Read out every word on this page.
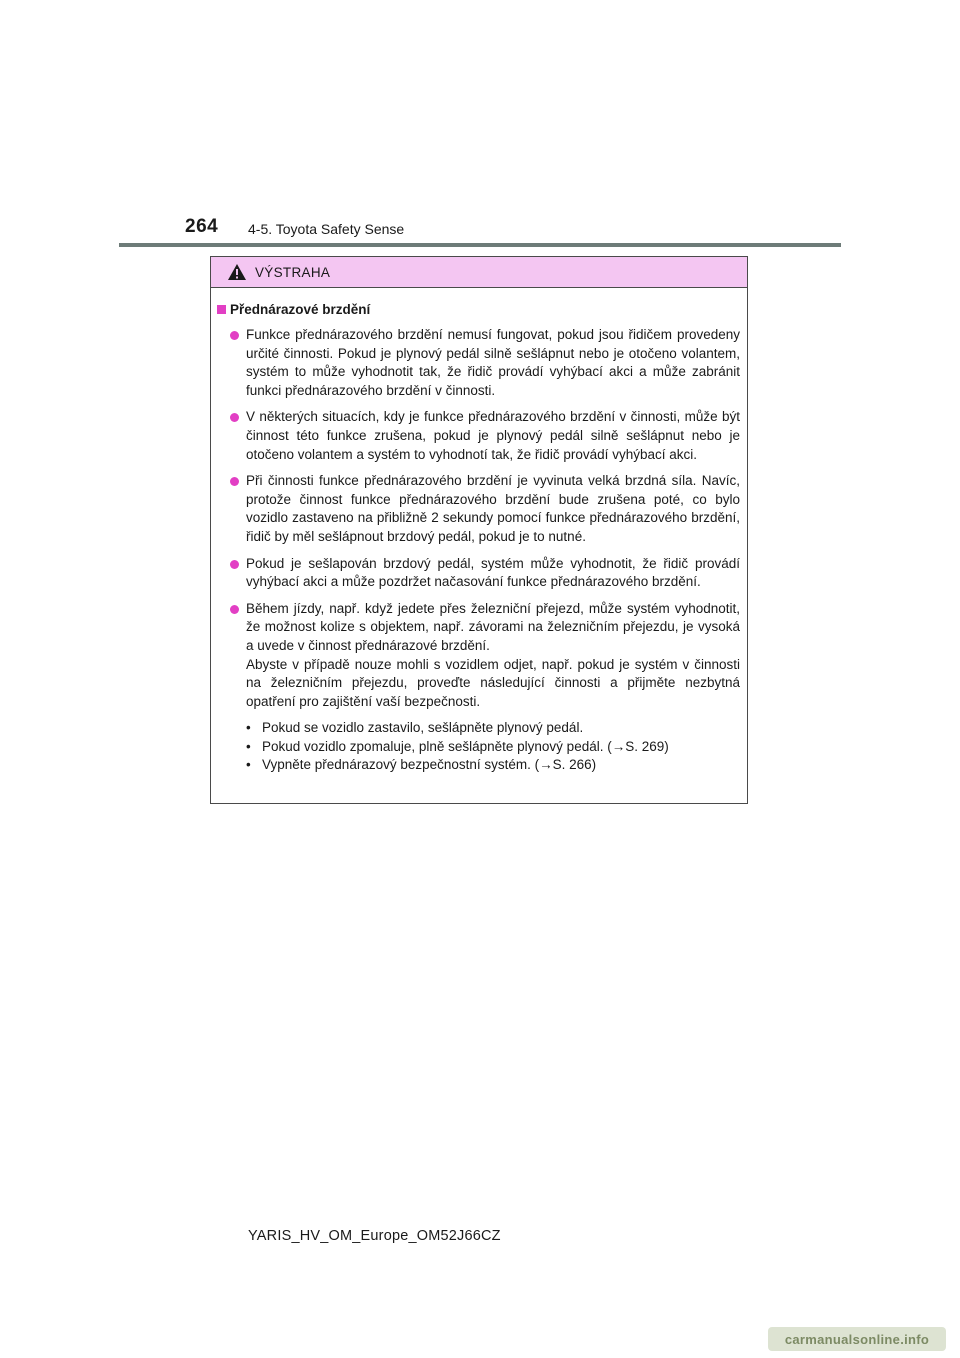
264 4-5. Toyota Safety Sense
VÝSTRAHA
Přednárazové brzdění

Funkce přednárazového brzdění nemusí fungovat, pokud jsou řidičem provedeny určité činnosti. Pokud je plynový pedál silně sešlápnut nebo je otočeno volantem, systém to může vyhodnotit tak, že řidič provádí vyhýbací akci a může zabránit funkci přednárazového brzdění v činnosti.

V některých situacích, kdy je funkce přednárazového brzdění v činnosti, může být činnost této funkce zrušena, pokud je plynový pedál silně sešlápnut nebo je otočeno volantem a systém to vyhodnotí tak, že řidič provádí vyhýbací akci.

Při činnosti funkce přednárazového brzdění je vyvinuta velká brzdná síla. Navíc, protože činnost funkce přednárazového brzdění bude zrušena poté, co bylo vozidlo zastaveno na přibližně 2 sekundy pomocí funkce přednárazového brzdění, řidič by měl sešlápnout brzdový pedál, pokud je to nutné.

Pokud je sešlapován brzdový pedál, systém může vyhodnotit, že řidič provádí vyhýbací akci a může pozdržet načasování funkce přednárazového brzdění.

Během jízdy, např. když jedete přes železniční přejezd, může systém vyhodnotit, že možnost kolize s objektem, např. závorami na železničním přejezdu, je vysoká a uvede v činnost přednárazové brzdění.

Abyste v případě nouze mohli s vozidlem odjet, např. pokud je systém v činnosti na železničním přejezdu, proveďte následující činnosti a přijměte nezbytná opatření pro zajištění vaší bezpečnosti.

• Pokud se vozidlo zastavilo, sešlápněte plynový pedál.
• Pokud vozidlo zpomaluje, plně sešlápněte plynový pedál. (→S. 269)
• Vypněte přednárazový bezpečnostní systém. (→S. 266)
YARIS_HV_OM_Europe_OM52J66CZ
carmanualsonline.info
